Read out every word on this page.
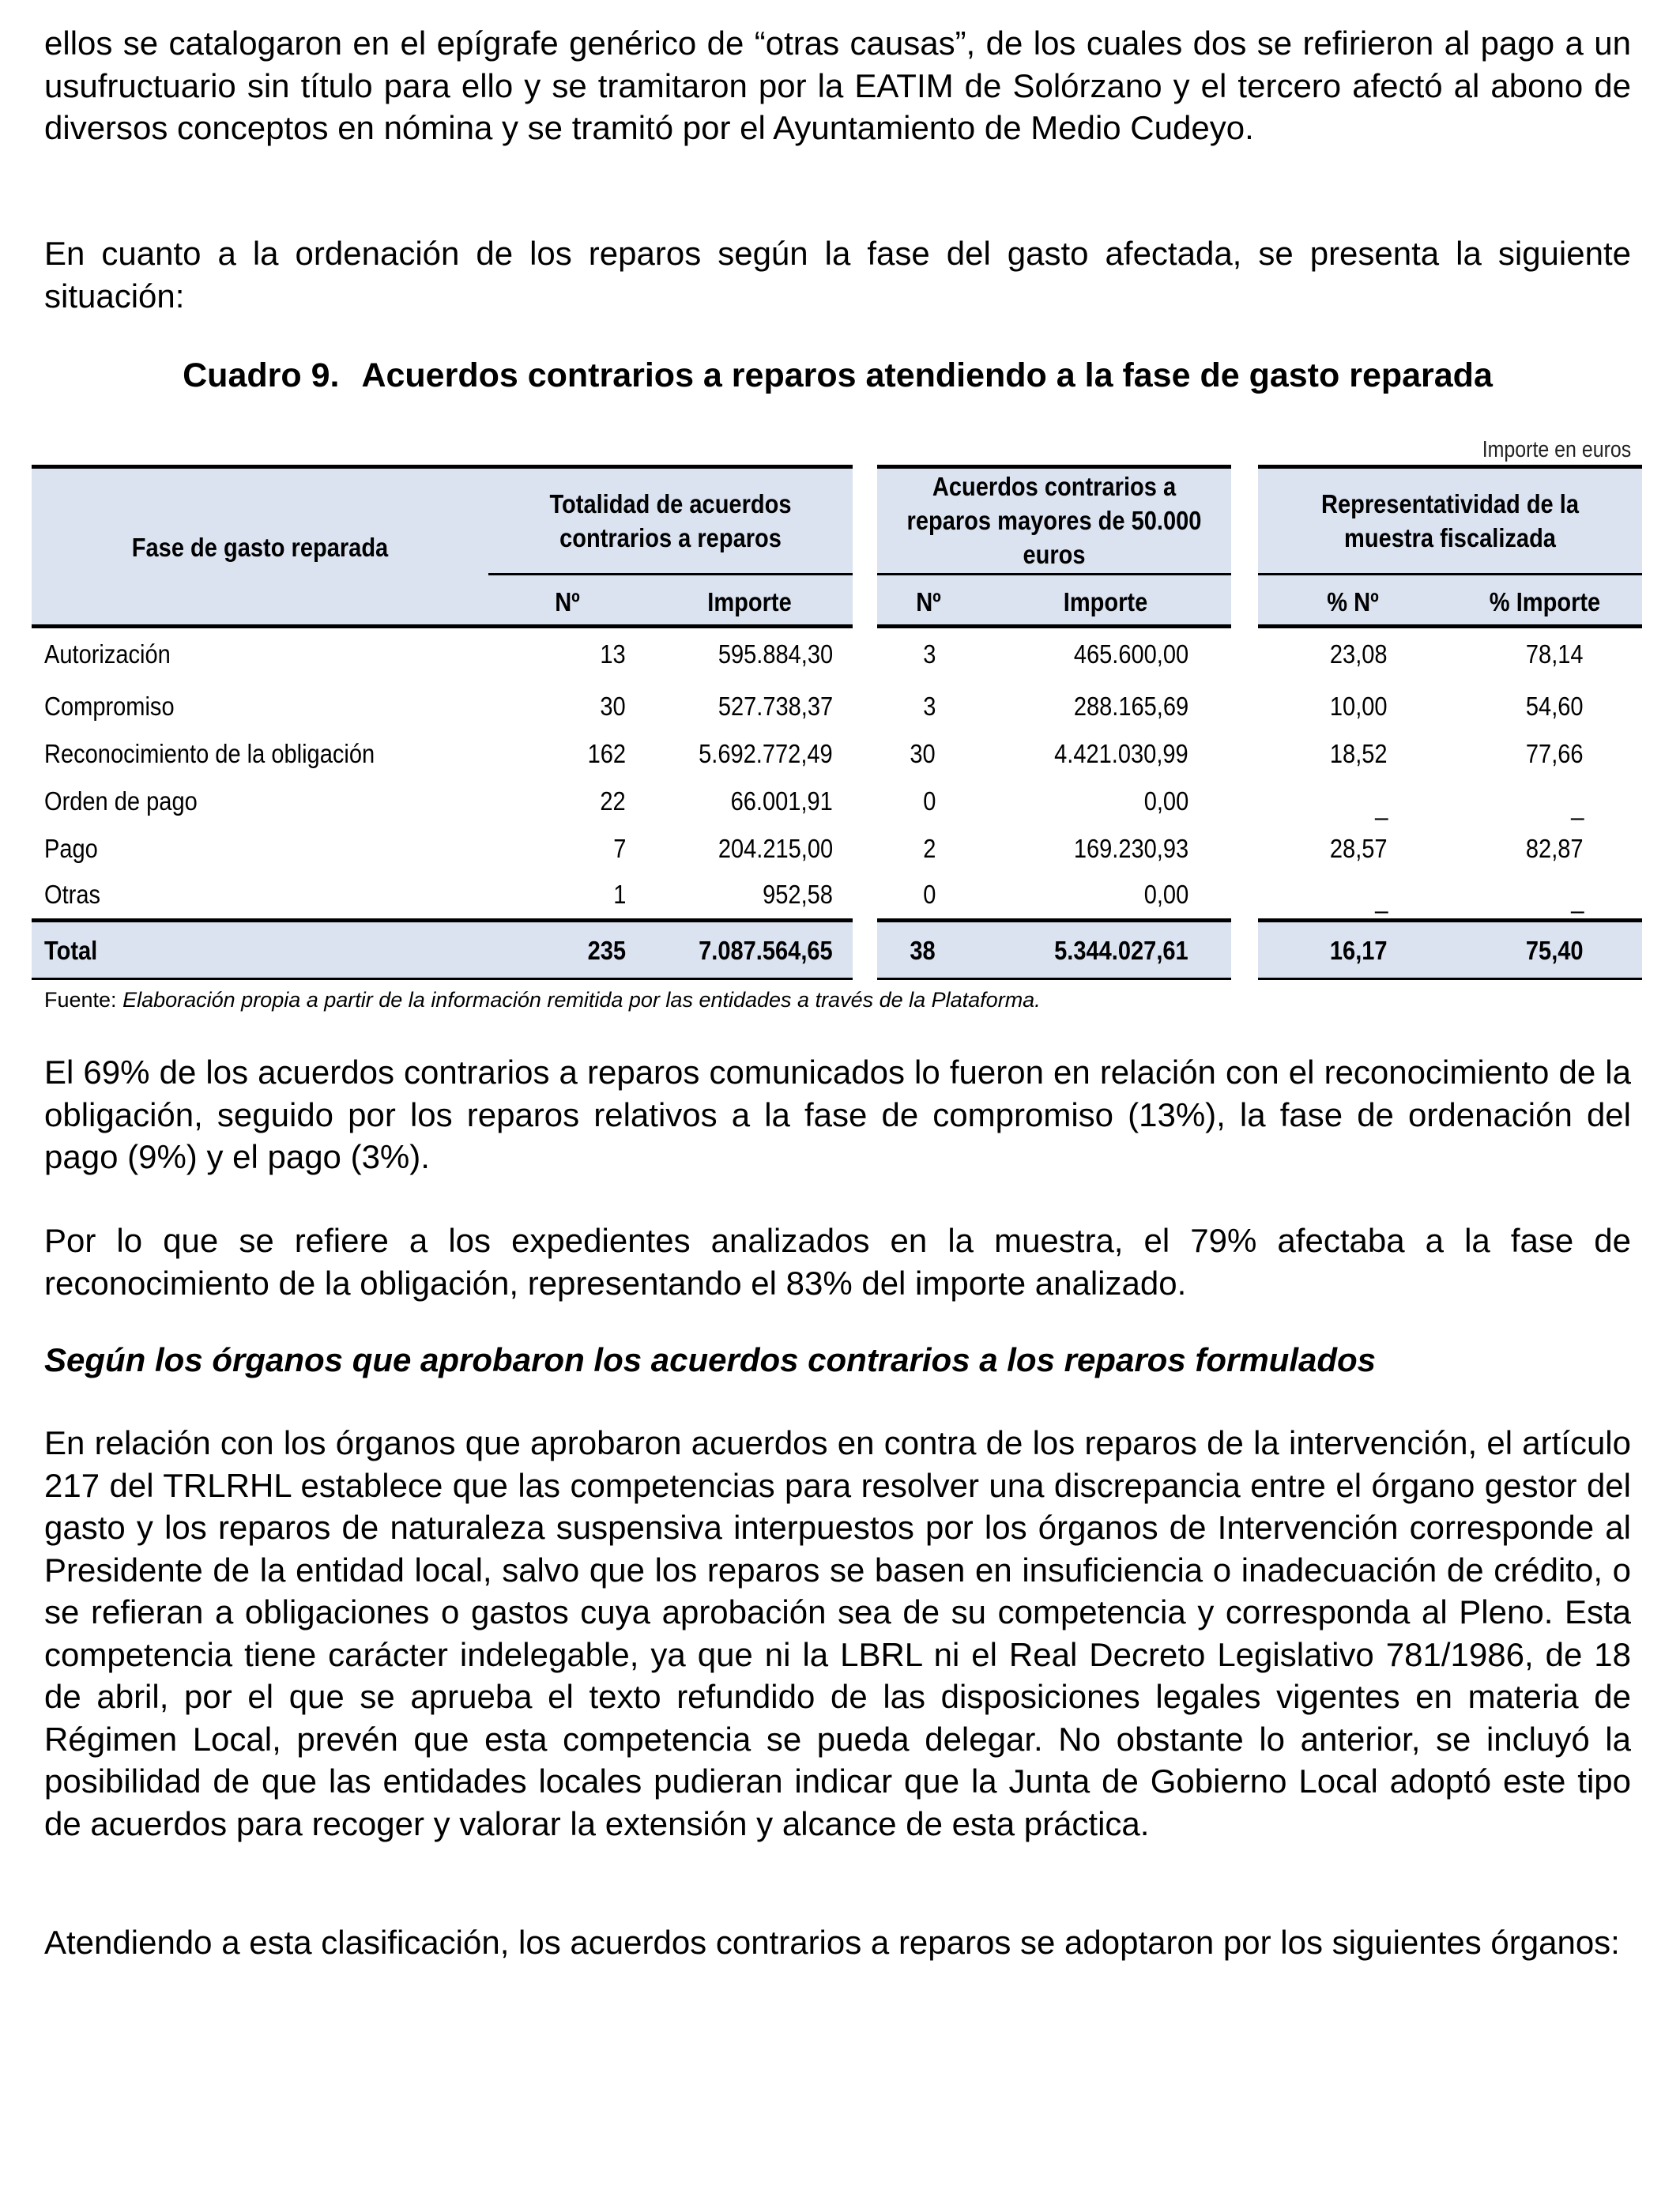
ellos se catalogaron en el epígrafe genérico de “otras causas”, de los cuales dos se refirieron al pago a un usufructuario sin título para ello y se tramitaron por la EATIM de Solórzano y el tercero afectó al abono de diversos conceptos en nómina y se tramitó por el Ayuntamiento de Medio Cudeyo.

En cuanto a la ordenación de los reparos según la fase del gasto afectada, se presenta la siguiente situación:

Cuadro 9. Acuerdos contrarios a reparos atendiendo a la fase de gasto reparada

Importe en euros
Fase de gasto reparada
Totalidad de acuerdos contrarios a reparos
Acuerdos contrarios a reparos mayores de 50.000 euros
Representatividad de la muestra fiscalizada
Nº	Importe	Nº	Importe	% Nº	% Importe
Autorización	13	595.884,30	3	465.600,00	23,08	78,14
Compromiso	30	527.738,37	3	288.165,69	10,00	54,60
Reconocimiento de la obligación	162	5.692.772,49	30	4.421.030,99	18,52	77,66
Orden de pago	22	66.001,91	0	0,00	_	_
Pago	7	204.215,00	2	169.230,93	28,57	82,87
Otras	1	952,58	0	0,00	_	_
Total	235	7.087.564,65	38	5.344.027,61	16,17	75,40
Fuente: Elaboración propia a partir de la información remitida por las entidades a través de la Plataforma.

El 69% de los acuerdos contrarios a reparos comunicados lo fueron en relación con el reconocimiento de la obligación, seguido por los reparos relativos a la fase de compromiso (13%), la fase de ordenación del pago (9%) y el pago (3%).

Por lo que se refiere a los expedientes analizados en la muestra, el 79% afectaba a la fase de reconocimiento de la obligación, representando el 83% del importe analizado.

Según los órganos que aprobaron los acuerdos contrarios a los reparos formulados

En relación con los órganos que aprobaron acuerdos en contra de los reparos de la intervención, el artículo 217 del TRLRHL establece que las competencias para resolver una discrepancia entre el órgano gestor del gasto y los reparos de naturaleza suspensiva interpuestos por los órganos de Intervención corresponde al Presidente de la entidad local, salvo que los reparos se basen en insuficiencia o inadecuación de crédito, o se refieran a obligaciones o gastos cuya aprobación sea de su competencia y corresponda al Pleno. Esta competencia tiene carácter indelegable, ya que ni la LBRL ni el Real Decreto Legislativo 781/1986, de 18 de abril, por el que se aprueba el texto refundido de las disposiciones legales vigentes en materia de Régimen Local, prevén que esta competencia se pueda delegar. No obstante lo anterior, se incluyó la posibilidad de que las entidades locales pudieran indicar que la Junta de Gobierno Local adoptó este tipo de acuerdos para recoger y valorar la extensión y alcance de esta práctica.

Atendiendo a esta clasificación, los acuerdos contrarios a reparos se adoptaron por los siguientes órganos:
